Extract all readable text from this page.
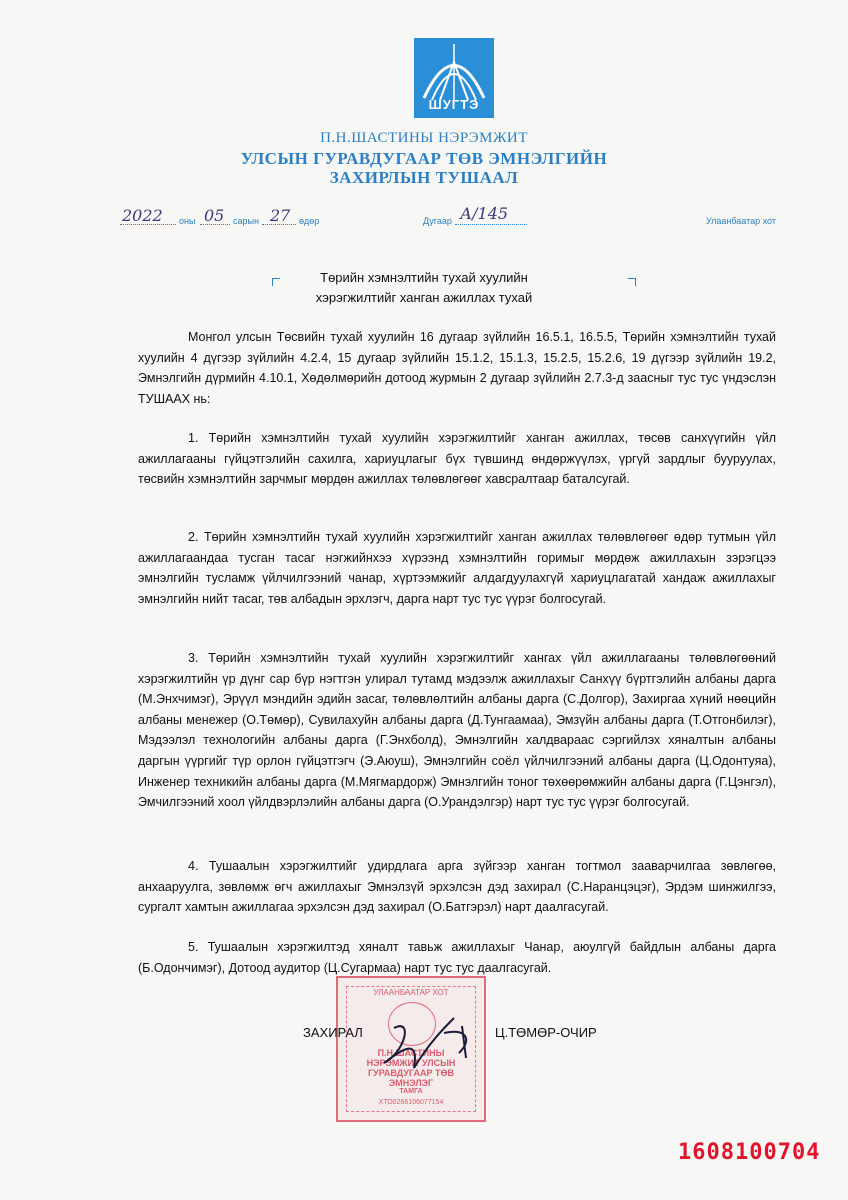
ШУГТЭ
П.Н.ШАСТИНЫ НЭРЭМЖИТ
УЛСЫН ГУРАВДУГААР ТӨВ ЭМНЭЛГИЙН
ЗАХИРЛЫН ТУШААЛ
2022 оны 05 сарын 27 өдөр	Дугаар А/145	Улаанбаатар хот
Төрийн хэмнэлтийн тухай хуулийн
хэрэгжилтийг ханган ажиллах тухай
Монгол улсын Төсвийн тухай хуулийн 16 дугаар зүйлийн 16.5.1, 16.5.5, Төрийн хэмнэлтийн тухай хуулийн 4 дүгээр зүйлийн 4.2.4, 15 дугаар зүйлийн 15.1.2, 15.1.3, 15.2.5, 15.2.6, 19 дүгээр зүйлийн 19.2, Эмнэлгийн дүрмийн 4.10.1, Хөдөлмөрийн дотоод журмын 2 дугаар зүйлийн 2.7.3-д заасныг тус тус үндэслэн ТУШААХ нь:
1. Төрийн хэмнэлтийн тухай хуулийн хэрэгжилтийг ханган ажиллах, төсөв санхүүгийн үйл ажиллагааны гүйцэтгэлийн сахилга, хариуцлагыг бүх түвшинд өндөржүүлэх, үргүй зардлыг бууруулах, төсвийн хэмнэлтийн зарчмыг мөрдөн ажиллах төлөвлөгөөг хавсралтаар баталсугай.
2. Төрийн хэмнэлтийн тухай хуулийн хэрэгжилтийг ханган ажиллах төлөвлөгөөг өдөр тутмын үйл ажиллагаандаа тусган тасаг нэгжийнхээ хүрээнд хэмнэлтийн горимыг мөрдөж ажиллахын зэрэгцээ эмнэлгийн тусламж үйлчилгээний чанар, хүртээмжийг алдагдуулахгүй хариуцлагатай хандаж ажиллахыг эмнэлгийн нийт тасаг, төв албадын эрхлэгч, дарга нарт тус тус үүрэг болгосугай.
3. Төрийн хэмнэлтийн тухай хуулийн хэрэгжилтийг хангах үйл ажиллагааны төлөвлөгөөний хэрэгжилтийн үр дүнг сар бүр нэгтгэн улирал тутамд мэдээлж ажиллахыг Санхүү бүртгэлийн албаны дарга (М.Энхчимэг), Эрүүл мэндийн эдийн засаг, төлөвлөлтийн албаны дарга (С.Долгор), Захиргаа хүний нөөцийн албаны менежер (О.Төмөр), Сувилахуйн албаны дарга (Д.Тунгаамаа), Эмзүйн албаны дарга (Т.Отгонбилэг), Мэдээлэл технологийн албаны дарга (Г.Энхболд), Эмнэлгийн халдвараас сэргийлэх хяналтын албаны даргын үүргийг түр орлон гүйцэтгэгч (Э.Аюуш), Эмнэлгийн соёл үйлчилгээний албаны дарга (Ц.Одонтуяа), Инженер техникийн албаны дарга (М.Мягмардорж) Эмнэлгийн тоног төхөөрөмжийн албаны дарга (Г.Цэнгэл), Эмчилгээний хоол үйлдвэрлэлийн албаны дарга (О.Урандэлгэр) нарт тус тус үүрэг болгосугай.
4. Тушаалын хэрэгжилтийг удирдлага арга зүйгээр ханган тогтмол зааварчилгаа зөвлөгөө, анхааруулга, зөвлөмж өгч ажиллахыг Эмнэлзүй эрхэлсэн дэд захирал (С.Наранцэцэг), Эрдэм шинжилгээ, сургалт хамтын ажиллагаа эрхэлсэн дэд захирал (О.Батгэрэл) нарт даалгасугай.
5. Тушаалын хэрэгжилтэд хяналт тавьж ажиллахыг Чанар, аюулгүй байдлын албаны дарга (Б.Одончимэг), Дотоод аудитор (Ц.Сугармаа) нарт тус тус даалгасугай.
УЛААНБААТАР ХОТ
П.Н.ШАСТИНЫ
НЭРЭМЖИТ УЛСЫН
ГУРАВДУГААР ТӨВ
ЭМНЭЛЭГ
ТАМГА
ХТО0266106077154
ЗАХИРАЛ	Ц.ТӨМӨР-ОЧИР
1608100704
